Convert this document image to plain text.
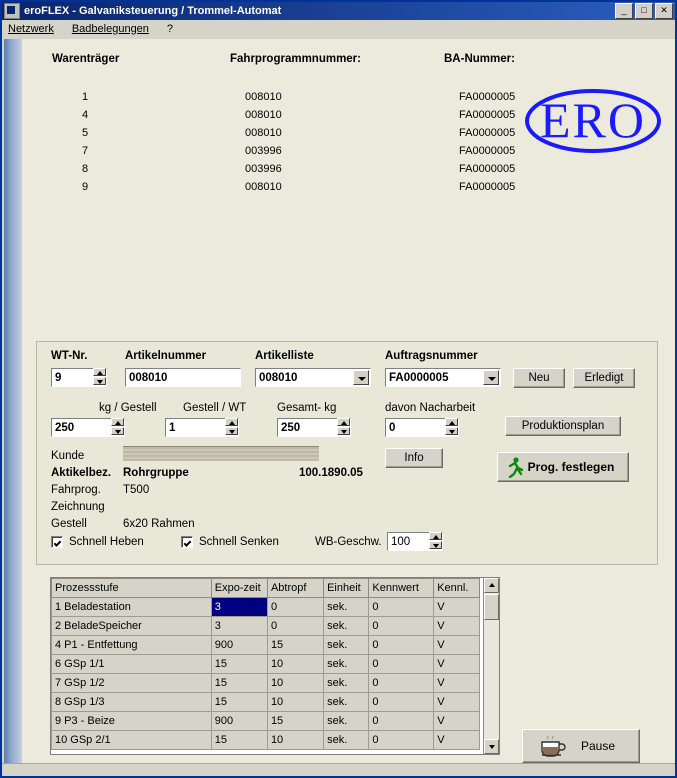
eroFLEX - Galvaniksteuerung / Trommel-Automat	_	□	✕
Netzwerk Badbelegungen ?
Warenträger	Fahrprogrammnummer:	BA-Nummer:
1	008010	FA0000005
4	008010	FA0000005
5	008010	FA0000005
7	003996	FA0000005
8	003996	FA0000005
9	008010	FA0000005
ERO
WT-Nr.	Artikelnummer	Artikelliste	Auftragsnummer
9	008010	008010	FA0000005	Neu	Erledigt
kg / Gestell Gestell / WT	Gesamt- kg	davon Nacharbeit
250	1	250	0	Produktionsplan
Kunde
Aktikelbez. Rohrgruppe	100.1890.05
Fahrprog. T500
Zeichnung
Gestell	6x20 Rahmen
Info
Prog. festlegen
Schnell Heben	Schnell Senken	WB-Geschw. 100
Prozessstufe	Expo-zeit	Abtropf	Einheit	Kennwert	Kennl.	
1 Beladestation	3	0	sek.	0	V	
2 BeladeSpeicher	3	0	sek.	0	V	
4 P1 - Entfettung	900	15	sek.	0	V	
6 GSp 1/1	15	10	sek.	0	V	
7 GSp 1/2	15	10	sek.	0	V	
8 GSp 1/3	15	10	sek.	0	V	
9 P3 - Beize	900	15	sek.	0	V	
10 GSp 2/1	15	10	sek.	0	V		Pause
